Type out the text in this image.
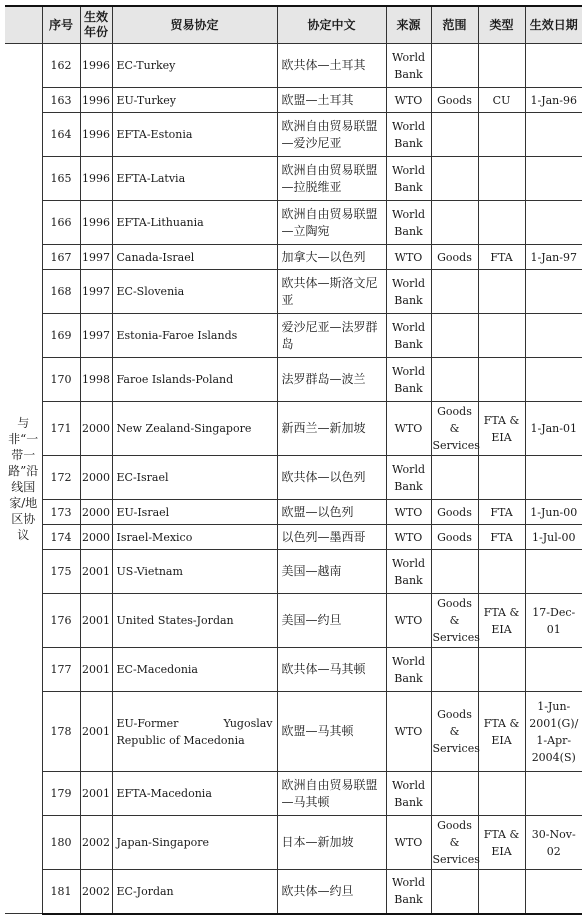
	序号	生效年份	贸易协定	协定中文	来源	范围	类型	生效日期
与非“一带一路”沿线国家/地区协议	162	1996	EC-Turkey	欧共体—土耳其	World Bank			
	163	1996	EU-Turkey	欧盟—土耳其	WTO	Goods	CU	1-Jan-96
	164	1996	EFTA-Estonia	欧洲自由贸易联盟—爱沙尼亚	World Bank			
	165	1996	EFTA-Latvia	欧洲自由贸易联盟—拉脱维亚	World Bank			
	166	1996	EFTA-Lithuania	欧洲自由贸易联盟—立陶宛	World Bank			
	167	1997	Canada-Israel	加拿大—以色列	WTO	Goods	FTA	1-Jan-97
	168	1997	EC-Slovenia	欧共体—斯洛文尼亚	World Bank			
	169	1997	Estonia-Faroe Islands	爱沙尼亚—法罗群岛	World Bank			
	170	1998	Faroe Islands-Poland	法罗群岛—波兰	World Bank			
	171	2000	New Zealand-Singapore	新西兰—新加坡	WTO	Goods & Services	FTA & EIA	1-Jan-01
	172	2000	EC-Israel	欧共体—以色列	World Bank			
	173	2000	EU-Israel	欧盟—以色列	WTO	Goods	FTA	1-Jun-00
	174	2000	Israel-Mexico	以色列—墨西哥	WTO	Goods	FTA	1-Jul-00
	175	2001	US-Vietnam	美国—越南	World Bank			
	176	2001	United States-Jordan	美国—约旦	WTO	Goods & Services	FTA & EIA	17-Dec-01
	177	2001	EC-Macedonia	欧共体—马其顿	World Bank			
	178	2001	EU-Former Yugoslav Republic of Macedonia	欧盟—马其顿	WTO	Goods & Services	FTA & EIA	1-Jun-2001(G)/ 1-Apr-2004(S)
	179	2001	EFTA-Macedonia	欧洲自由贸易联盟—马其顿	World Bank			
	180	2002	Japan-Singapore	日本—新加坡	WTO	Goods & Services	FTA & EIA	30-Nov-02
	181	2002	EC-Jordan	欧共体—约旦	World Bank			
